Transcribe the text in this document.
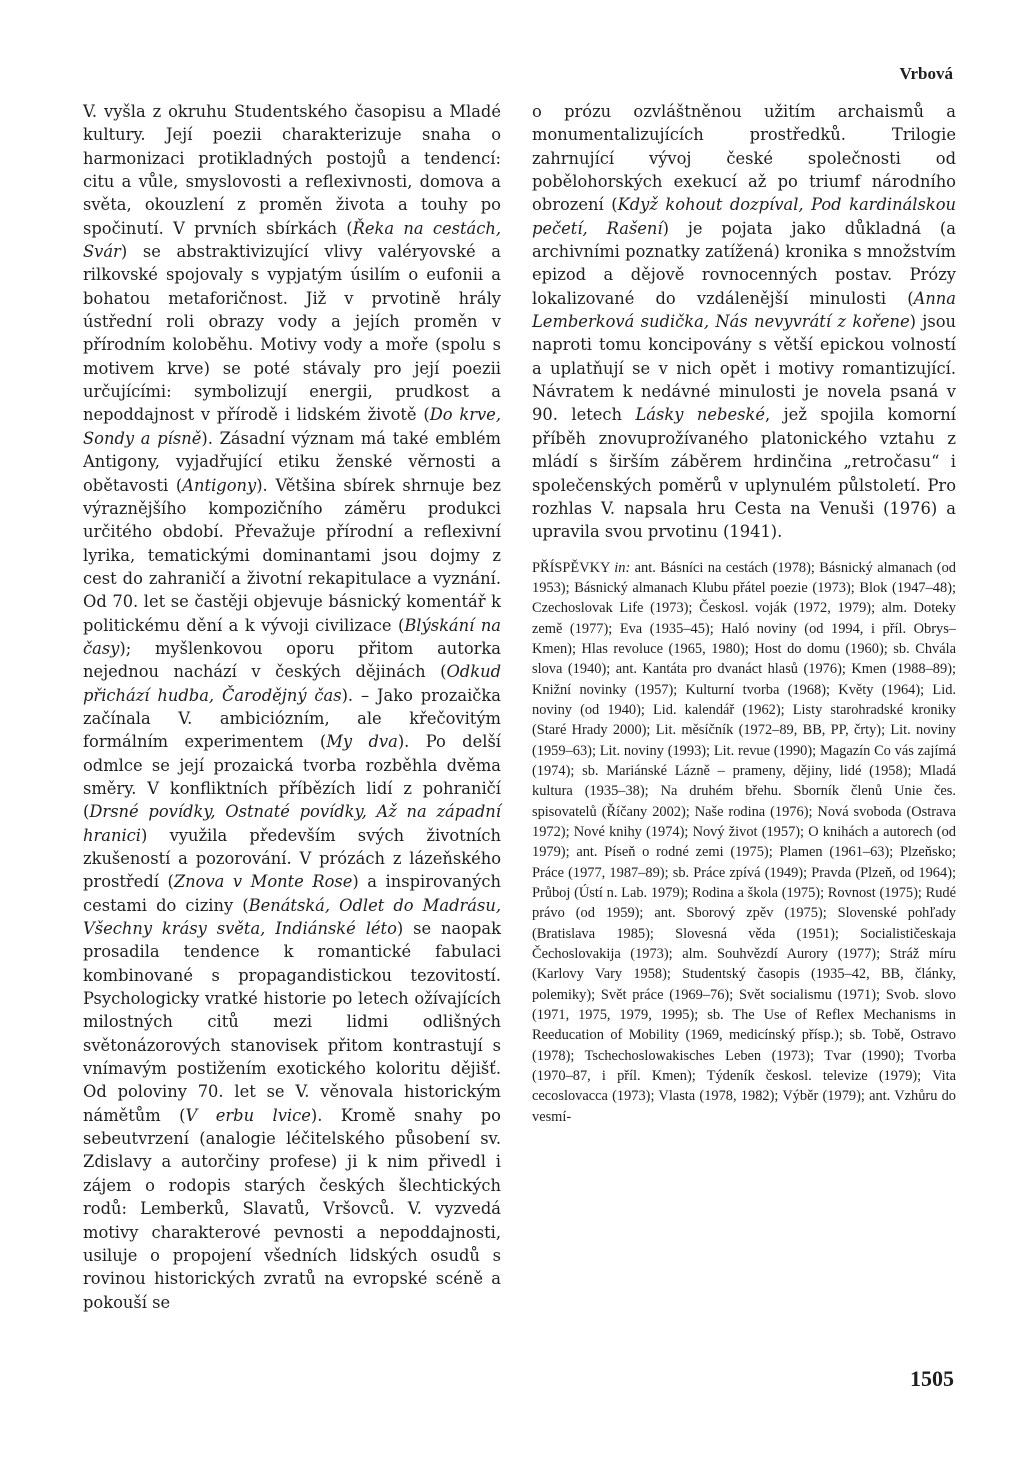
Vrbová

V. vyšla z okruhu Studentského časopisu a Mladé kultury. Její poezii charakterizuje snaha o harmonizaci protikladných postojů a tendencí: citu a vůle, smyslovosti a reflexivnosti, domova a světa, okouzlení z proměn života a touhy po spočinutí. V prvních sbírkách (Řeka na cestách, Svár) se abstraktivizující vlivy valéryovské a rilkovské spojovaly s vypjatým úsilím o eufonii a bohatou metaforičnost. Již v prvotině hrály ústřední roli obrazy vody a jejích proměn v přírodním koloběhu. Motivy vody a moře (spolu s motivem krve) se poté stávaly pro její poezii určujícími: symbolizují energii, prudkost a nepoddajnost v přírodě i lidském životě (Do krve, Sondy a písně). Zásadní význam má také emblém Antigony, vyjadřující etiku ženské věrnosti a obětavosti (Antigony). Většina sbírek shrnuje bez výraznějšího kompozičního záměru produkci určitého období. Převažuje přírodní a reflexivní lyrika, tematickými dominantami jsou dojmy z cest do zahraničí a životní rekapitulace a vyznání. Od 70. let se častěji objevuje básnický komentář k politickému dění a k vývoji civilizace (Blýskání na časy); myšlenkovou oporu přitom autorka nejednou nachází v českých dějinách (Odkud přichází hudba, Čarodějný čas). – Jako prozaička začínala V. ambiciózním, ale křečovitým formálním experimentem (My dva). Po delší odmlce se její prozaická tvorba rozběhla dvěma směry. V konfliktních příbězích lidí z pohraničí (Drsné povídky, Ostnaté povídky, Až na západní hranici) využila především svých životních zkušeností a pozorování. V prózách z lázeňského prostředí (Znova v Monte Rose) a inspirovaných cestami do ciziny (Benátská, Odlet do Madrásu, Všechny krásy světa, Indiánské léto) se naopak prosadila tendence k romantické fabulaci kombinované s propagandistickou tezovitostí. Psychologicky vratké historie po letech ožívajících milostných citů mezi lidmi odlišných světonázorových stanovisek přitom kontrastují s vnímavým postižením exotického koloritu dějišť. Od poloviny 70. let se V. věnovala historickým námětům (V erbu lvice). Kromě snahy po sebeutvrzení (analogie léčitelského působení sv. Zdislavy a autorčiny profese) ji k nim přivedl i zájem o rodopis starých českých šlechtických rodů: Lemberků, Slavatů, Vršovců. V. vyzvedá motivy charakterové pevnosti a nepoddajnosti, usiluje o propojení všedních lidských osudů s rovinou historických zvratů na evropské scéně a pokouší se

o prózu ozvláštněnou užitím archaismů a monumentalizujících prostředků. Trilogie zahrnující vývoj české společnosti od pobělohorských exekucí až po triumf národního obrození (Když kohout dozpíval, Pod kardinálskou pečetí, Rašení) je pojata jako důkladná (a archivními poznatky zatížená) kronika s množstvím epizod a dějově rovnocenných postav. Prózy lokalizované do vzdálenější minulosti (Anna Lemberková sudička, Nás nevyvrátí z kořene) jsou naproti tomu koncipovány s větší epickou volností a uplatňují se v nich opět i motivy romantizující. Návratem k nedávné minulosti je novela psaná v 90. letech Lásky nebeské, jež spojila komorní příběh znovuprožívaného platonického vztahu z mládí s širším záběrem hrdinčina „retročasu“ i společenských poměrů v uplynulém půlstoletí. Pro rozhlas V. napsala hru Cesta na Venuši (1976) a upravila svou prvotinu (1941).

PŘÍSPĚVKY in: ant. Básníci na cestách (1978); Básnický almanach (od 1953); Básnický almanach Klubu přátel poezie (1973); Blok (1947–48); Czechoslovak Life (1973); Českosl. voják (1972, 1979); alm. Doteky země (1977); Eva (1935–45); Haló noviny (od 1994, i příl. Obrys–Kmen); Hlas revoluce (1965, 1980); Host do domu (1960); sb. Chvála slova (1940); ant. Kantáta pro dvanáct hlasů (1976); Kmen (1988–89); Knižní novinky (1957); Kulturní tvorba (1968); Květy (1964); Lid. noviny (od 1940); Lid. kalendář (1962); Listy starohradské kroniky (Staré Hrady 2000); Lit. měsíčník (1972–89, BB, PP, črty); Lit. noviny (1959–63); Lit. noviny (1993); Lit. revue (1990); Magazín Co vás zajímá (1974); sb. Mariánské Lázně – prameny, dějiny, lidé (1958); Mladá kultura (1935–38); Na druhém břehu. Sborník členů Unie čes. spisovatelů (Říčany 2002); Naše rodina (1976); Nová svoboda (Ostrava 1972); Nové knihy (1974); Nový život (1957); O knihách a autorech (od 1979); ant. Píseň o rodné zemi (1975); Plamen (1961–63); Plzeňsko; Práce (1977, 1987–89); sb. Práce zpívá (1949); Pravda (Plzeň, od 1964); Průboj (Ústí n. Lab. 1979); Rodina a škola (1975); Rovnost (1975); Rudé právo (od 1959); ant. Sborový zpěv (1975); Slovenské pohľady (Bratislava 1985); Slovesná věda (1951); Socialističeskaja Čechoslovakija (1973); alm. Souhvězdí Aurory (1977); Stráž míru (Karlovy Vary 1958); Studentský časopis (1935–42, BB, články, polemiky); Svět práce (1969–76); Svět socialismu (1971); Svob. slovo (1971, 1975, 1979, 1995); sb. The Use of Reflex Mechanisms in Reeducation of Mobility (1969, medicínský přísp.); sb. Tobě, Ostravo (1978); Tschechoslowakisches Leben (1973); Tvar (1990); Tvorba (1970–87, i příl. Kmen); Týdeník českosl. televize (1979); Vita cecoslovacca (1973); Vlasta (1978, 1982); Výběr (1979); ant. Vzhůru do vesmí-

1505
